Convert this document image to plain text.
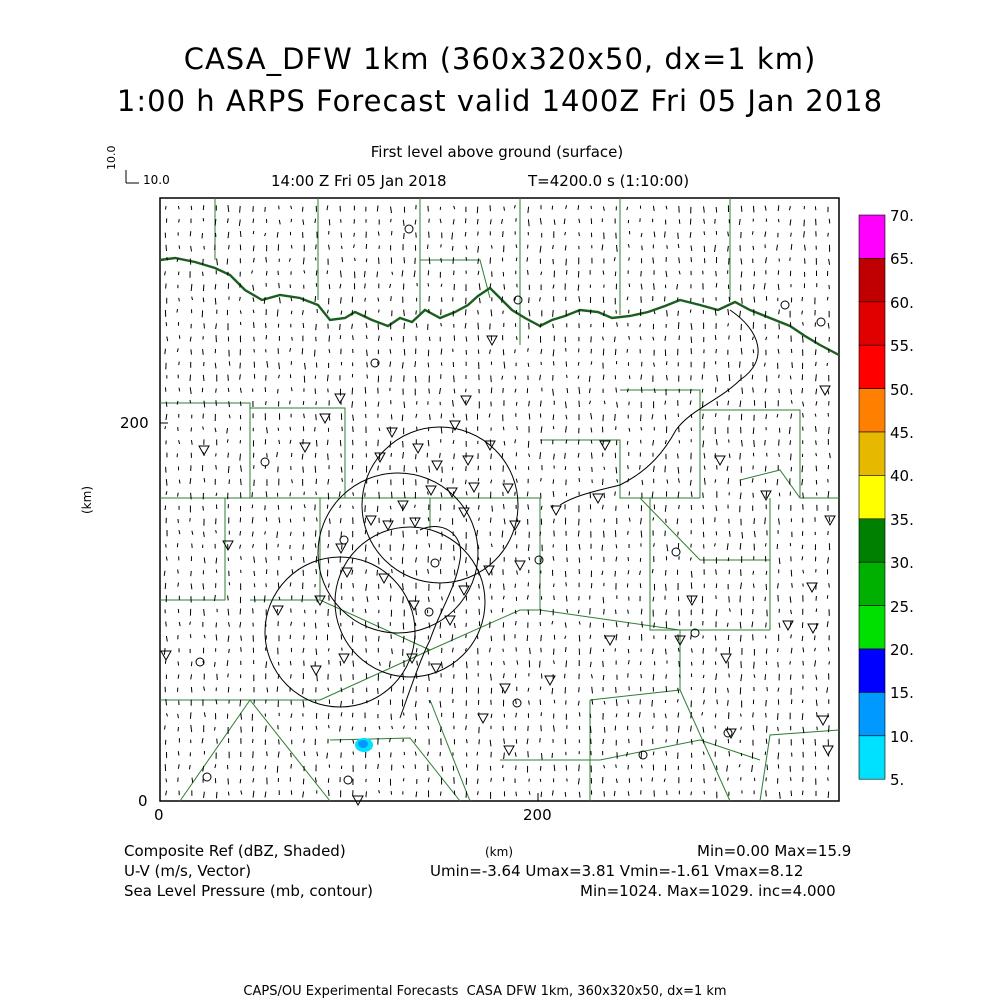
CASA_DFW 1km (360x320x50, dx=1 km)
1:00 h ARPS Forecast valid 1400Z Fri 05 Jan 2018
First level above ground (surface)
14:00 Z Fri 05 Jan 2018	T=4200.0 s (1:10:00)
10.0
10.0
200
0
0	200
(km)
(km)
70.
65.
60.
55.
50.
45.
40.
35.
30.
25.
20.
15.
10.
5.
Composite Ref (dBZ, Shaded)
U-V (m/s, Vector)
Sea Level Pressure (mb, contour)
Min=0.00 Max=15.9
Umin=-3.64 Umax=3.81 Vmin=-1.61 Vmax=8.12
Min=1024. Max=1029. inc=4.000
CAPS/OU Experimental Forecasts  CASA DFW 1km, 360x320x50, dx=1 km
